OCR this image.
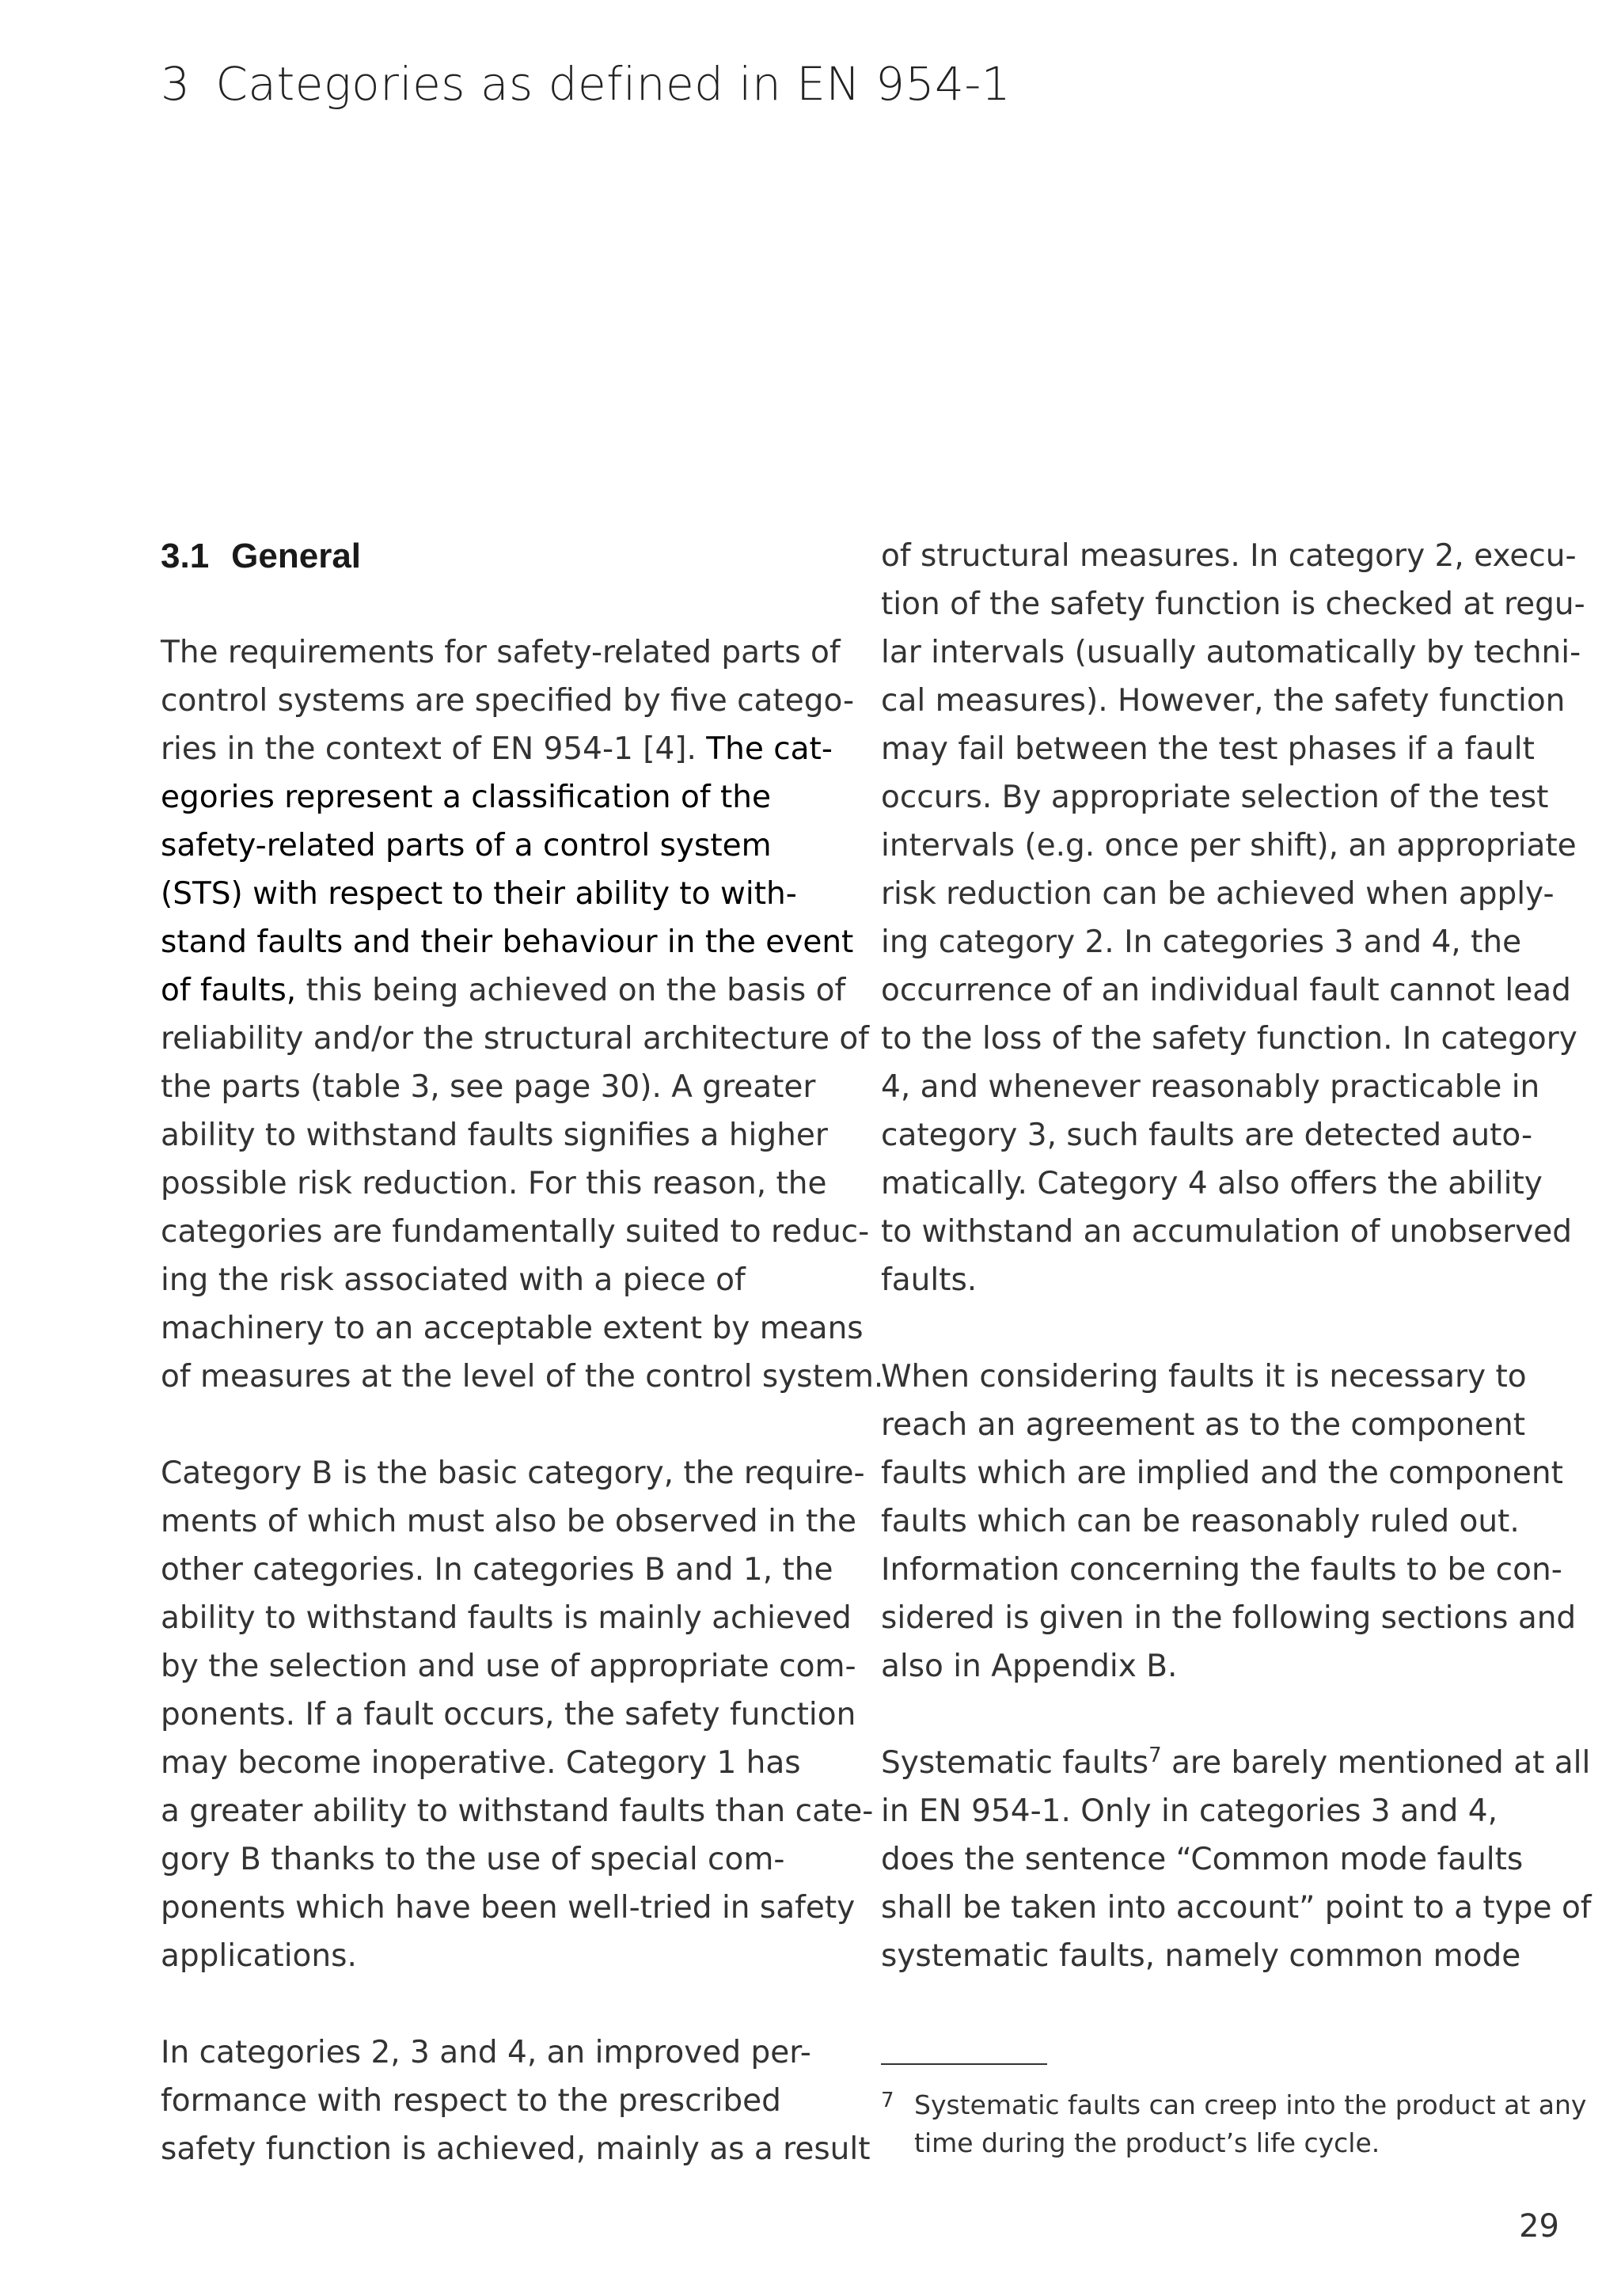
3 Categories as defined in EN 954-1
3.1 General
The requirements for safety-related parts of
control systems are specified by five catego-
ries in the context of EN 954-1 [4]. The cat-
egories represent a classification of the
safety-related parts of a control system
(STS) with respect to their ability to with-
stand faults and their behaviour in the event
of faults, this being achieved on the basis of
reliability and/or the structural architecture of
the parts (table 3, see page 30). A greater
ability to withstand faults signifies a higher
possible risk reduction. For this reason, the
categories are fundamentally suited to reduc-
ing the risk associated with a piece of
machinery to an acceptable extent by means
of measures at the level of the control system.
Category B is the basic category, the require-
ments of which must also be observed in the
other categories. In categories B and 1, the
ability to withstand faults is mainly achieved
by the selection and use of appropriate com-
ponents. If a fault occurs, the safety function
may become inoperative. Category 1 has
a greater ability to withstand faults than cate-
gory B thanks to the use of special com-
ponents which have been well-tried in safety
applications.
In categories 2, 3 and 4, an improved per-
formance with respect to the prescribed
safety function is achieved, mainly as a result
of structural measures. In category 2, execu-
tion of the safety function is checked at regu-
lar intervals (usually automatically by techni-
cal measures). However, the safety function
may fail between the test phases if a fault
occurs. By appropriate selection of the test
intervals (e.g. once per shift), an appropriate
risk reduction can be achieved when apply-
ing category 2. In categories 3 and 4, the
occurrence of an individual fault cannot lead
to the loss of the safety function. In category
4, and whenever reasonably practicable in
category 3, such faults are detected auto-
matically. Category 4 also offers the ability
to withstand an accumulation of unobserved
faults.
When considering faults it is necessary to
reach an agreement as to the component
faults which are implied and the component
faults which can be reasonably ruled out.
Information concerning the faults to be con-
sidered is given in the following sections and
also in Appendix B.
Systematic faults$^7$ are barely mentioned at all
in EN 954-1. Only in categories 3 and 4,
does the sentence “Common mode faults
shall be taken into account” point to a type of
systematic faults, namely common mode
7 Systematic faults can creep into the product at any
time during the product’s life cycle.
29
